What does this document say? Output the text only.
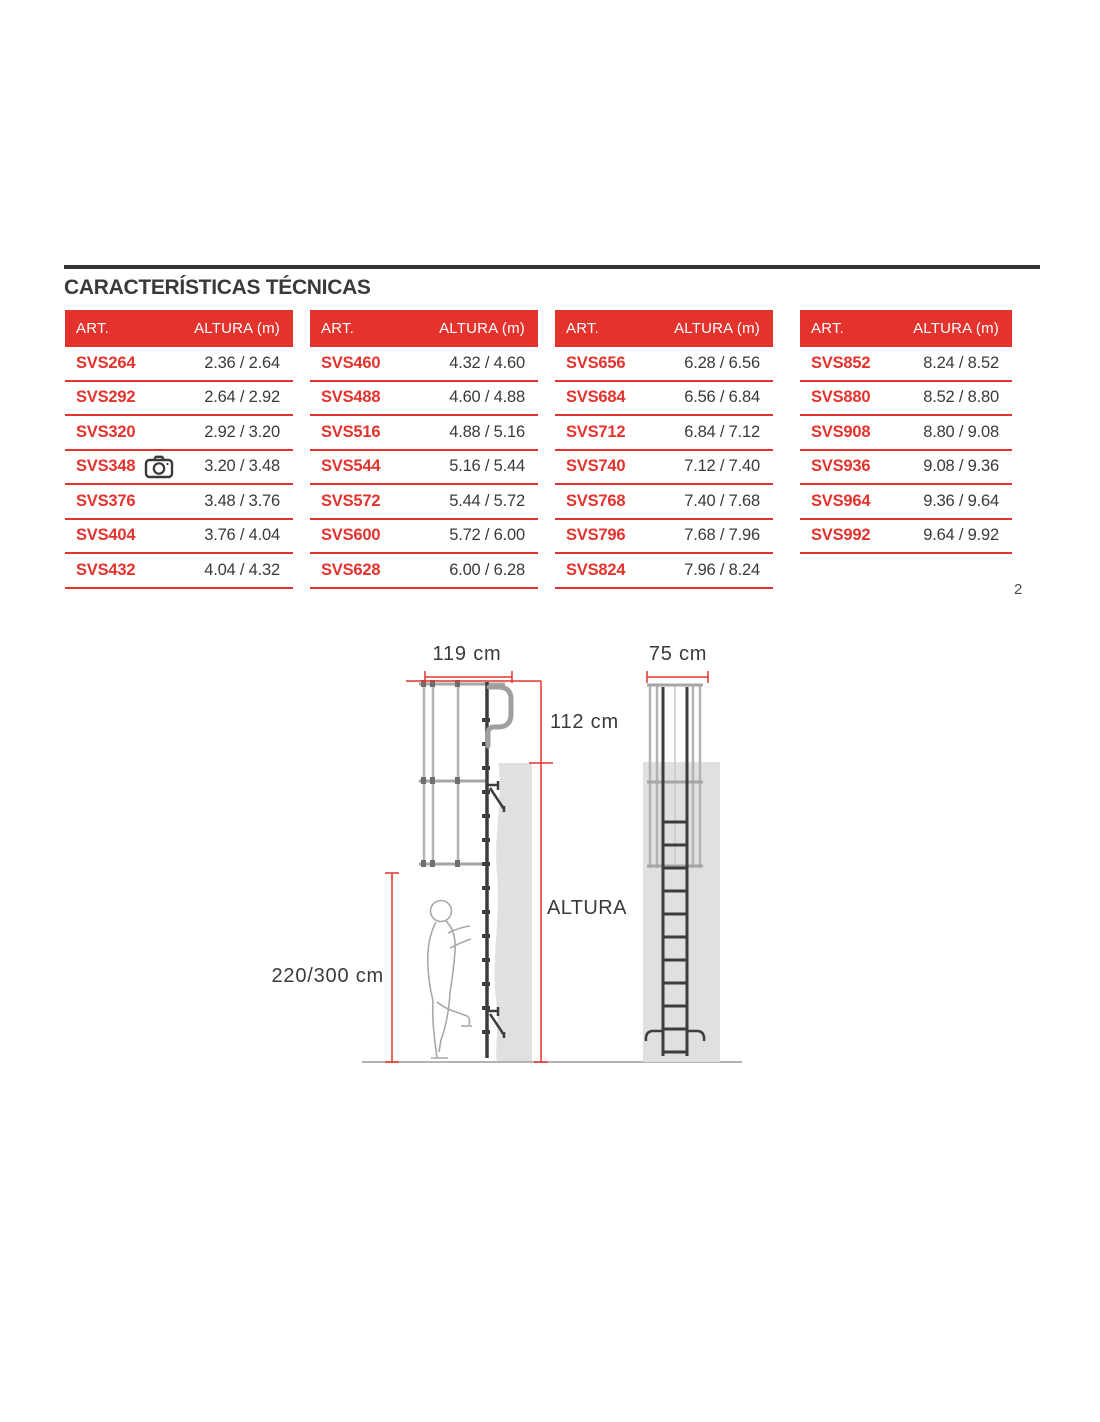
CARACTERÍSTICAS TÉCNICAS
ART.	ALTURA (m)
SVS264	2.36 / 2.64
SVS292	2.64 / 2.92
SVS320	2.92 / 3.20
SVS348	3.20 / 3.48
SVS376	3.48 / 3.76
SVS404	3.76 / 4.04
SVS432	4.04 / 4.32
ART.	ALTURA (m)
SVS460	4.32 / 4.60
SVS488	4.60 / 4.88
SVS516	4.88 / 5.16
SVS544	5.16 / 5.44
SVS572	5.44 / 5.72
SVS600	5.72 / 6.00
SVS628	6.00 / 6.28
ART.	ALTURA (m)
SVS656	6.28 / 6.56
SVS684	6.56 / 6.84
SVS712	6.84 / 7.12
SVS740	7.12 / 7.40
SVS768	7.40 / 7.68
SVS796	7.68 / 7.96
SVS824	7.96 / 8.24
ART.	ALTURA (m)
SVS852	8.24 / 8.52
SVS880	8.52 / 8.80
SVS908	8.80 / 9.08
SVS936	9.08 / 9.36
SVS964	9.36 / 9.64
SVS992	9.64 / 9.92
2
119 cm	75 cm
112 cm
ALTURA
220/300 cm
